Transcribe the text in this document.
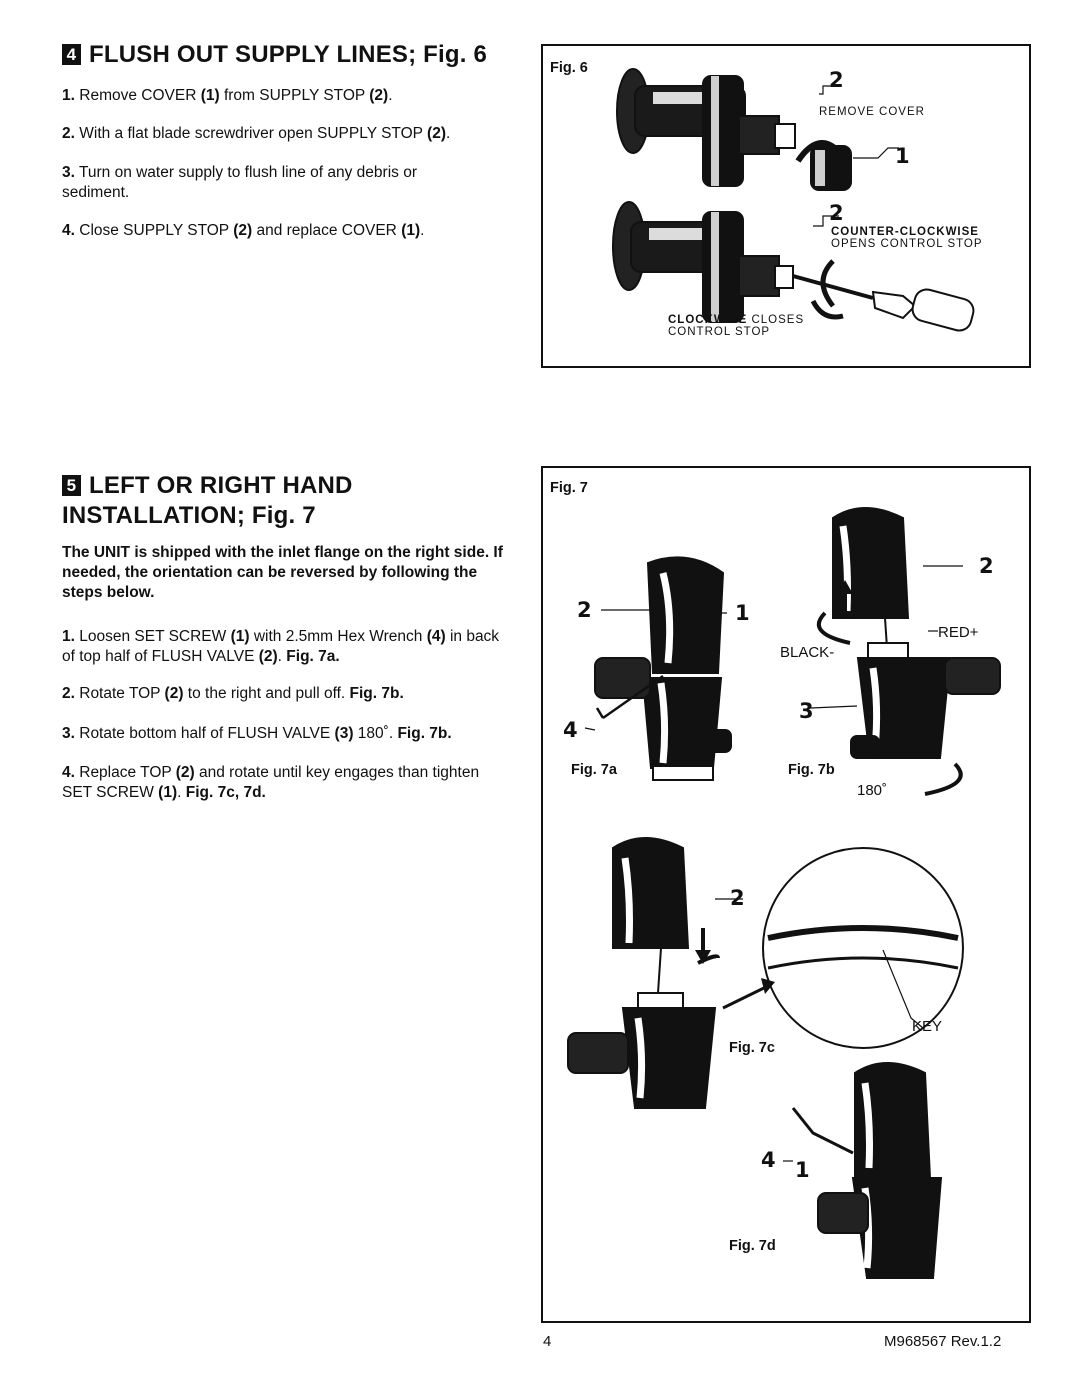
4 FLUSH OUT SUPPLY LINES; Fig. 6
1. Remove COVER (1) from SUPPLY STOP (2).
2. With a flat blade screwdriver open SUPPLY STOP (2).
3. Turn on water supply to flush line of any debris or sediment.
4. Close SUPPLY STOP (2) and replace COVER (1).
Fig. 6	2
REMOVE COVER
1
2
COUNTER-CLOCKWISE
OPENS CONTROL STOP
CLOCKWISE CLOSES
CONTROL STOP
5 LEFT OR RIGHT HAND
INSTALLATION; Fig. 7
The UNIT is shipped with the inlet flange on the right side. If needed, the orientation can be reversed by following the steps below.
1. Loosen SET SCREW (1) with 2.5mm Hex Wrench (4) in back of top half of FLUSH VALVE (2). Fig. 7a.
2. Rotate TOP (2) to the right and pull off. Fig. 7b.
3. Rotate bottom half of FLUSH VALVE (3) 180˚. Fig. 7b.
4. Replace TOP (2) and rotate until key engages than tighten SET SCREW (1). Fig. 7c, 7d.
Fig. 7
2	1
4
Fig. 7a
2
RED+
BLACK-
3
Fig. 7b
180˚
2
KEY
Fig. 7c
4 1
Fig. 7d
4	M968567 Rev.1.2
